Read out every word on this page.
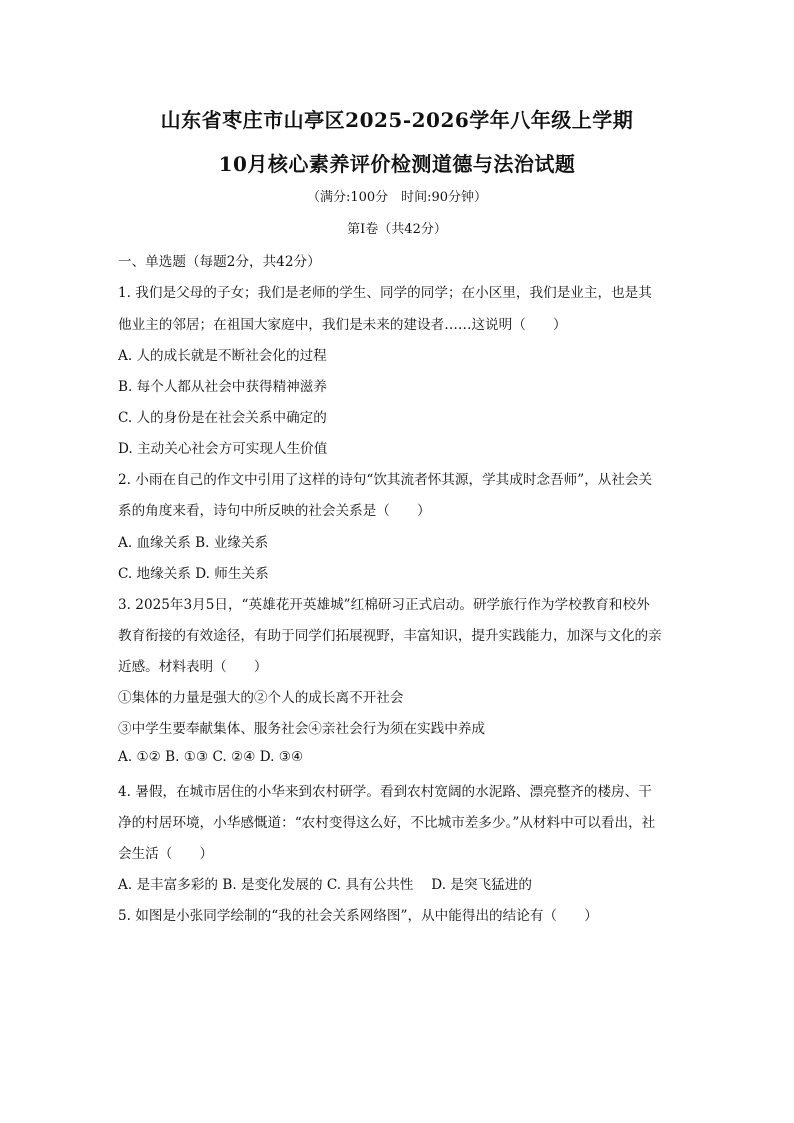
山东省枣庄市山亭区2025-2026学年八年级上学期
10月核心素养评价检测道德与法治试题
（满分:100分　时间:90分钟）
第Ⅰ卷（共42分）
一、单选题（每题2分，共42分）
1. 我们是父母的子女；我们是老师的学生、同学的同学；在小区里，我们是业主，也是其
他业主的邻居；在祖国大家庭中，我们是未来的建设者……这说明（　　）
A. 人的成长就是不断社会化的过程
B. 每个人都从社会中获得精神滋养
C. 人的身份是在社会关系中确定的
D. 主动关心社会方可实现人生价值
2. 小雨在自己的作文中引用了这样的诗句“饮其流者怀其源，学其成时念吾师”，从社会关
系的角度来看，诗句中所反映的社会关系是（　　）
A. 血缘关系 B. 业缘关系
C. 地缘关系 D. 师生关系
3. 2025年3月5日，“英雄花开英雄城”红棉研习正式启动。研学旅行作为学校教育和校外
教育衔接的有效途径，有助于同学们拓展视野，丰富知识，提升实践能力，加深与文化的亲
近感。材料表明（　　）
①集体的力量是强大的②个人的成长离不开社会
③中学生要奉献集体、服务社会④亲社会行为须在实践中养成
A. ①② B. ①③ C. ②④ D. ③④
4. 暑假，在城市居住的小华来到农村研学。看到农村宽阔的水泥路、漂亮整齐的楼房、干
净的村居环境，小华感慨道：“农村变得这么好，不比城市差多少。”从材料中可以看出，社
会生活（　　）
A. 是丰富多彩的 B. 是变化发展的 C. 具有公共性　 D. 是突飞猛进的
5. 如图是小张同学绘制的“我的社会关系网络图”，从中能得出的结论有（　　）
